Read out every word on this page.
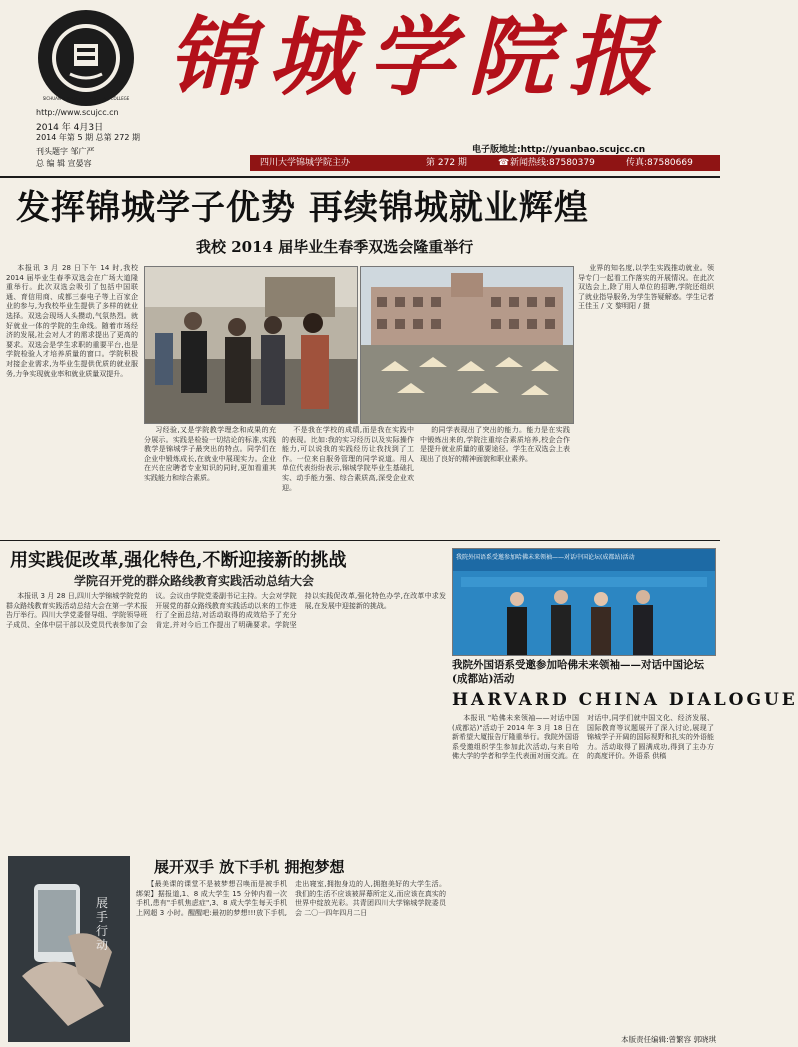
SICHUAN UNIVERSITY · JINCHENG COLLEGE 锦城学院报
http://www.scujcc.cn
2014 年 4月3日
2014 年第 5 期 总第 272 期
刊头题字 邹广严
总 编 辑 宣晏容
电子版地址:http://yuanbao.scujcc.cn
四川大学锦城学院主办	第 272 期	☎ 新闻热线:87580379	传真:87580669
发挥锦城学子优势 再续锦城就业辉煌
我校 2014 届毕业生春季双选会隆重举行

本报讯 3 月 28 日下午 14 时,我校 2014 届毕业生春季双选会在广场大道隆重举行。此次双选会吸引了包括中国联通、育信用商、成都三泰电子等上百家企业的参与,为我校毕业生提供了多样的就业选择。双选会现场人头攒动,气氛热烈。就好就业一体的学院的生命线。随着市场经济的发展,社会对人才的需求提出了更高的要求。双选会是学生求职的重要平台,也是学院检验人才培养质量的窗口。学院积极对接企业需求,为毕业生提供优质的就业服务,力争实现就业率和就业质量双提升。

习经验,又是学院教学理念和成果的充分展示。实践是检验一切结论的标准,实践教学是锦城学子最突出的特点。同学们在企业中锻炼成长,在就业中展现实力。企业在兴在应聘者专业知识的同时,更加看重其实践能力和综合素质。

不是我在学校的成绩,而是我在实践中的表现。比如:我的实习经历以及实际操作能力,可以说我的实践经历让我找到了工作。一位来自服务管理的同学说道。用人单位代表纷纷表示,锦城学院毕业生基础扎实、动手能力强、综合素质高,深受企业欢迎。

的同学表现出了突出的能力。能力是在实践中锻炼出来的,学院注重综合素质培养,校企合作是提升就业质量的重要途径。学生在双选会上表现出了良好的精神面貌和职业素养。

业界的知名度,以学生实践推动就业。领导专门一起看工作落实的开展情况。在此次双选会上,除了用人单位的招聘,学院还组织了就业指导服务,为学生答疑解惑。学生记者 王佳玉 / 文 黎明阳 / 摄

用实践促改革,强化特色,不断迎接新的挑战
学院召开党的群众路线教育实践活动总结大会

本报讯 3 月 28 日,四川大学锦城学院党的群众路线教育实践活动总结大会在第一学术报告厅举行。四川大学党委督导组、学院领导班子成员、全体中层干部以及党员代表参加了会议。会议由学院党委副书记主持。大会对学院开展党的群众路线教育实践活动以来的工作进行了全面总结,对活动取得的成效给予了充分肯定,并对今后工作提出了明确要求。学院坚持以实践促改革,强化特色办学,在改革中求发展,在发展中迎接新的挑战。

展手行动
展开双手 放下手机 拥抱梦想

【最美课的课堂不是被梦想召唤而是被手机绑架】据报道,1、8 成大学生 15 分钟内看一次手机,患有"手机焦虑症",3、8 成大学生每天手机上网超 3 小时。醒醒吧:最初的梦想!!!放下手机,走出寝室,拥抱身边的人,拥抱美好的大学生活。我们的生活不应该被屏幕所定义,而应该在真实的世界中绽放光彩。共青团四川大学锦城学院委员会 二〇一四年四月二日

我院外国语系受邀参加哈佛未来领袖——对话中国论坛(成都站)活动
HARVARD CHINA DIALOGUE

本报讯 "哈佛未来领袖——对话中国(成都站)"活动于 2014 年 3 月 18 日在新希望大厦报告厅隆重举行。我院外国语系受邀组织学生参加此次活动,与来自哈佛大学的学者和学生代表面对面交流。在对话中,同学们就中国文化、经济发展、国际教育等议题展开了深入讨论,展现了锦城学子开阔的国际视野和扎实的外语能力。活动取得了圆满成功,得到了主办方的高度评价。外语系 供稿

我院外国语系受邀参加哈佛未来领袖——对话中国论坛(成都站)活动
本版责任编辑:曾繁容 郭晓琪
